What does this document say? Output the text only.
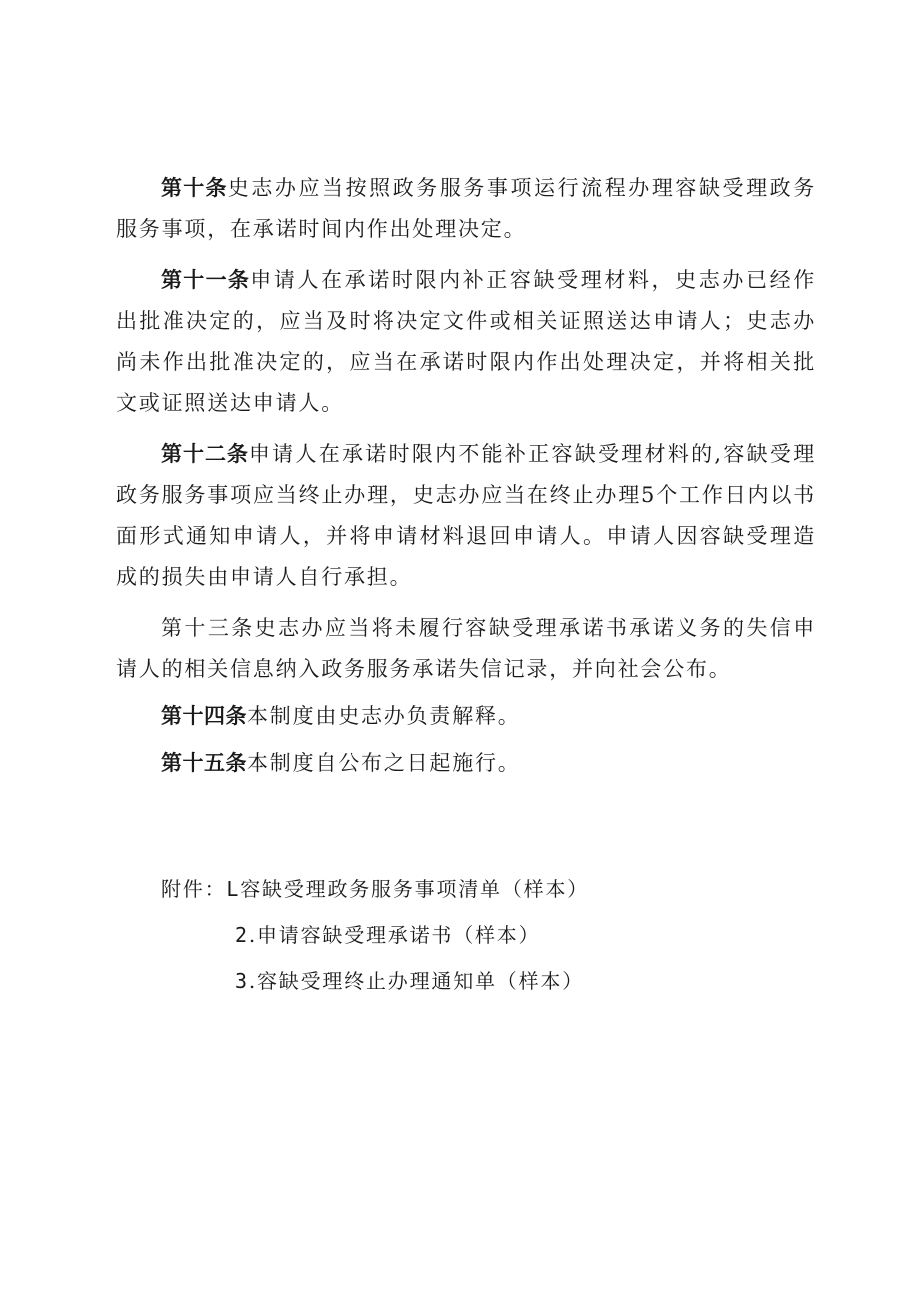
第十条史志办应当按照政务服务事项运行流程办理容缺受理政务服务事项，在承诺时间内作出处理决定。

第十一条申请人在承诺时限内补正容缺受理材料，史志办已经作出批准决定的，应当及时将决定文件或相关证照送达申请人；史志办尚未作出批准决定的，应当在承诺时限内作出处理决定，并将相关批文或证照送达申请人。

第十二条申请人在承诺时限内不能补正容缺受理材料的,容缺受理政务服务事项应当终止办理，史志办应当在终止办理5个工作日内以书面形式通知申请人，并将申请材料退回申请人。申请人因容缺受理造成的损失由申请人自行承担。

第十三条史志办应当将未履行容缺受理承诺书承诺义务的失信申请人的相关信息纳入政务服务承诺失信记录，并向社会公布。

第十四条本制度由史志办负责解释。

第十五条本制度自公布之日起施行。

附件： L 容缺受理政务服务事项清单（样本）
2 .申请容缺受理承诺书（样本）
3 .容缺受理终止办理通知单（样本）
